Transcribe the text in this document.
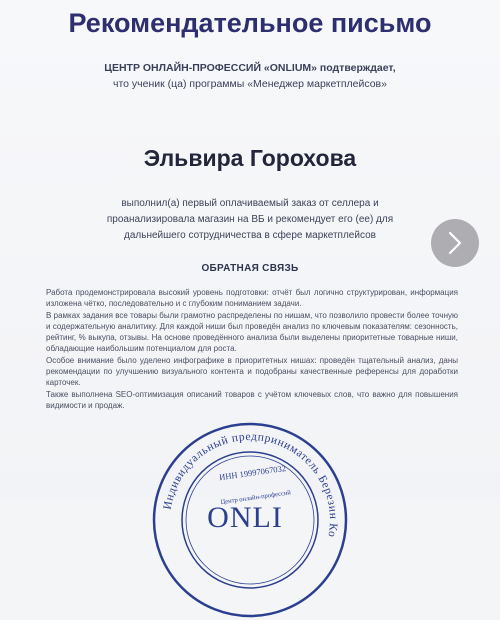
Рекомендательное письмо
ЦЕНТР ОНЛАЙН-ПРОФЕССИЙ «ONLIUM» подтверждает,
что ученик (ца) программы «Менеджер маркетплейсов»
Эльвира Горохова
выполнил(а) первый оплачиваемый заказ от селлера и проанализировала магазин на ВБ и рекомендует его (ее) для дальнейшего сотрудничества в сфере маркетплейсов
ОБРАТНАЯ СВЯЗЬ

Работа продемонстрировала высокий уровень подготовки: отчёт был логично структурирован, информация изложена чётко, последовательно и с глубоким пониманием задачи.

В рамках задания все товары были грамотно распределены по нишам, что позволило провести более точную и содержательную аналитику. Для каждой ниши был проведён анализ по ключевым показателям: сезонность, рейтинг, % выкупа, отзывы. На основе проведённого анализа были выделены приоритетные товарные ниши, обладающие наибольшим потенциалом для роста.

Особое внимание было уделено инфографике в приоритетных нишах: проведён тщательный анализ, даны рекомендации по улучшению визуального контента и подобраны качественные референсы для доработки карточек.

Также выполнена SEO-оптимизация описаний товаров с учётом ключевых слов, что важно для повышения видимости и продаж.

Индивидуальный предприниматель Березин Ко
ИНН 19997067032
Центр онлайн-профессий
ONLI
